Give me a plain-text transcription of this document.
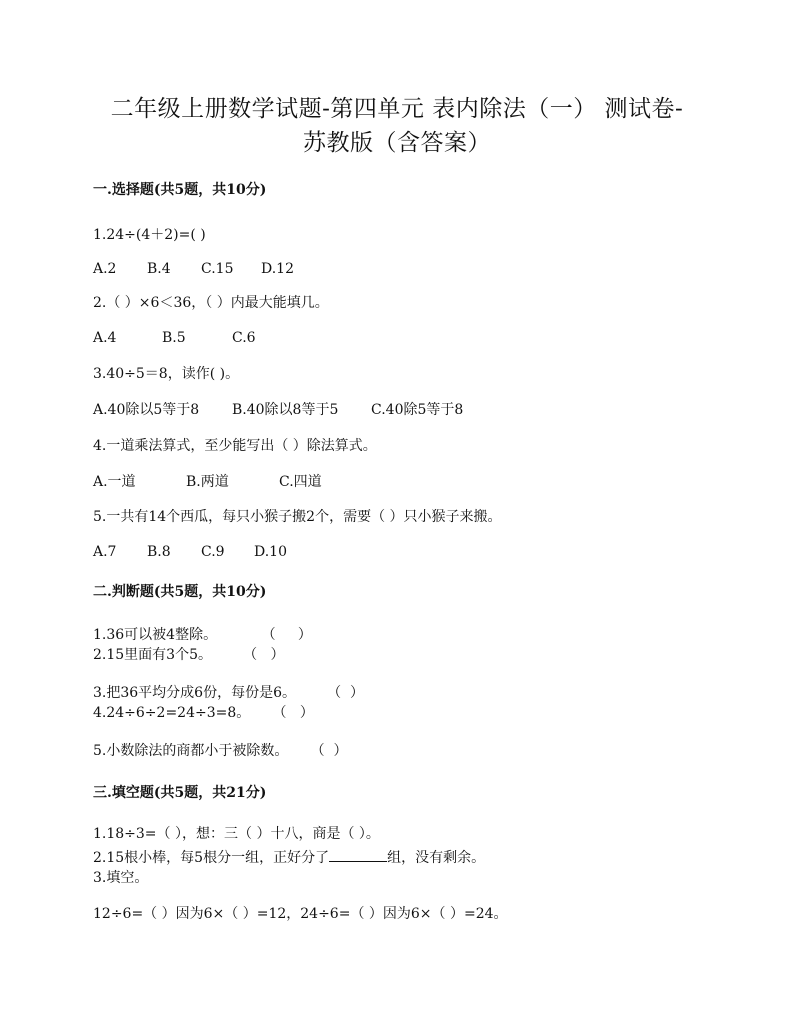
二年级上册数学试题-第四单元 表内除法（一） 测试卷-
苏教版（含答案）
一.选择题(共5题，共10分)
1.24÷(4＋2)=( )
A.2 B.4 C.15 D.12
2.（ ）×6＜36，（ ）内最大能填几。
A.4	B.5	C.6
3.40÷5＝8，读作( )。
A.40除以5等于8 B.40除以8等于5 C.40除5等于8
4.一道乘法算式，至少能写出（ ）除法算式。
A.一道	B.两道	C.四道
5.一共有14个西瓜，每只小猴子搬2个，需要（ ）只小猴子来搬。
A.7 B.8 C.9 D.10
二.判断题(共5题，共10分)
1.36可以被4整除。          （     ）
2.15里面有3个5。       （   ）
3.把36平均分成6份，每份是6。       （  ）
4.24÷6÷2=24÷3=8。     （   ）
5.小数除法的商都小于被除数。     （  ）
三.填空题(共5题，共21分)
1.18÷3=（ ），想：三（ ）十八，商是（ ）。
2.15根小棒，每5根分一组，正好分了	组，没有剩余。
3.填空。
12÷6=（ ）因为6×（ ）=12，24÷6=（ ）因为6×（ ）=24。
